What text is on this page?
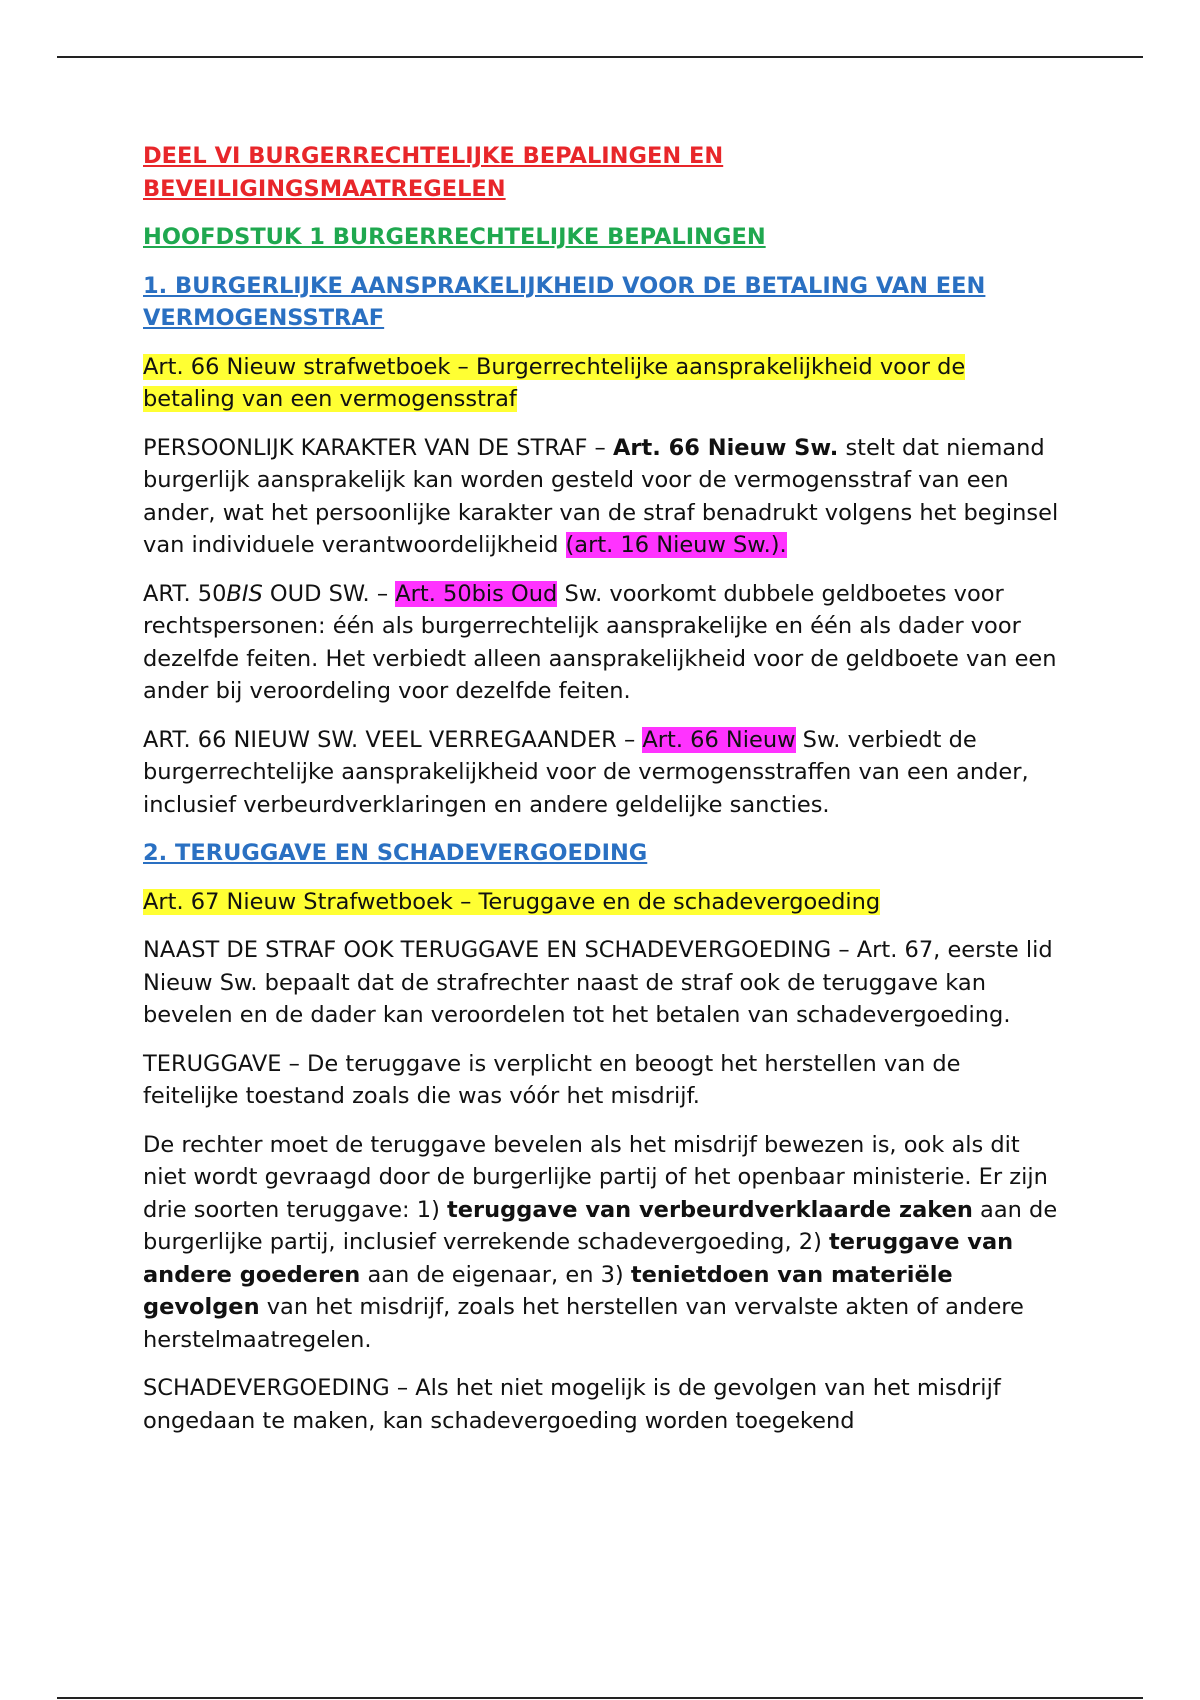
DEEL VI BURGERRECHTELIJKE BEPALINGEN EN BEVEILIGINGSMAATREGELEN
HOOFDSTUK 1 BURGERRECHTELIJKE BEPALINGEN
1. BURGERLIJKE AANSPRAKELIJKHEID VOOR DE BETALING VAN EEN VERMOGENSSTRAF

Art. 66 Nieuw strafwetboek – Burgerrechtelijke aansprakelijkheid voor de betaling van een vermogensstraf

PERSOONLIJK KARAKTER VAN DE STRAF – Art. 66 Nieuw Sw. stelt dat niemand burgerlijk aansprakelijk kan worden gesteld voor de vermogensstraf van een ander, wat het persoonlijke karakter van de straf benadrukt volgens het beginsel van individuele verantwoordelijkheid (art. 16 Nieuw Sw.).

ART. 50BIS OUD SW. – Art. 50bis Oud Sw. voorkomt dubbele geldboetes voor rechtspersonen: één als burgerrechtelijk aansprakelijke en één als dader voor dezelfde feiten. Het verbiedt alleen aansprakelijkheid voor de geldboete van een ander bij veroordeling voor dezelfde feiten.

ART. 66 NIEUW SW. VEEL VERREGAANDER – Art. 66 Nieuw Sw. verbiedt de burgerrechtelijke aansprakelijkheid voor de vermogensstraffen van een ander, inclusief verbeurdverklaringen en andere geldelijke sancties.

2. TERUGGAVE EN SCHADEVERGOEDING

Art. 67 Nieuw Strafwetboek – Teruggave en de schadevergoeding

NAAST DE STRAF OOK TERUGGAVE EN SCHADEVERGOEDING – Art. 67, eerste lid Nieuw Sw. bepaalt dat de strafrechter naast de straf ook de teruggave kan bevelen en de dader kan veroordelen tot het betalen van schadevergoeding.

TERUGGAVE – De teruggave is verplicht en beoogt het herstellen van de feitelijke toestand zoals die was vóór het misdrijf.

De rechter moet de teruggave bevelen als het misdrijf bewezen is, ook als dit niet wordt gevraagd door de burgerlijke partij of het openbaar ministerie. Er zijn drie soorten teruggave: 1) teruggave van verbeurdverklaarde zaken aan de burgerlijke partij, inclusief verrekende schadevergoeding, 2) teruggave van andere goederen aan de eigenaar, en 3) tenietdoen van materiële gevolgen van het misdrijf, zoals het herstellen van vervalste akten of andere herstelmaatregelen.

SCHADEVERGOEDING – Als het niet mogelijk is de gevolgen van het misdrijf ongedaan te maken, kan schadevergoeding worden toegekend
